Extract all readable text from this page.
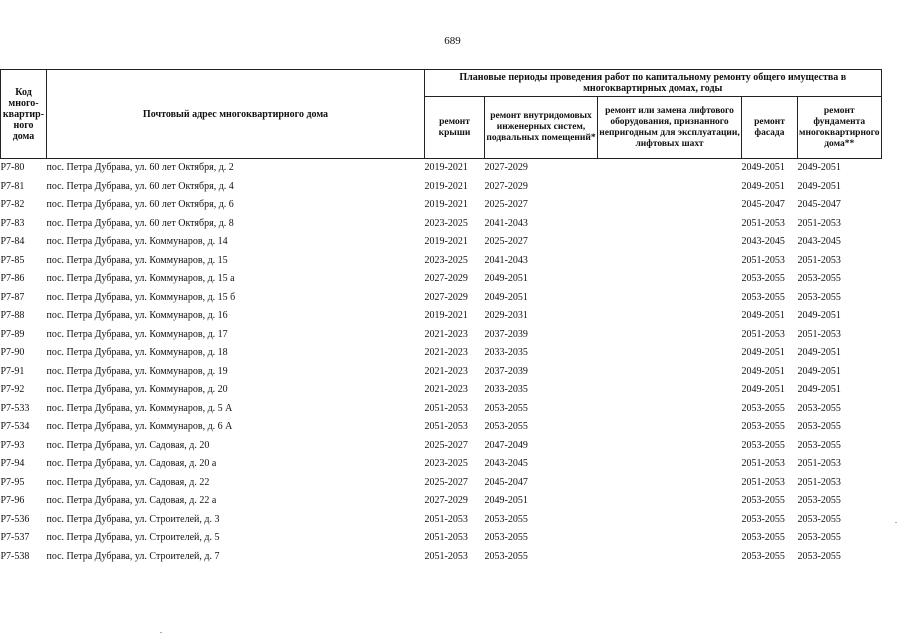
689
Код много-квартир-ного дома	Почтовый адрес многоквартирного дома	Плановые периоды проведения работ по капитальному ремонту общего имущества в многоквартирных домах, годы				
		ремонт крыши	ремонт внутридомовых инженерных систем, подвальных помещений*	ремонт или замена лифтового оборудования, признанного непригодным для эксплуатации, лифтовых шахт	ремонт фасада	ремонт фундамента многоквартирного дома**
Р7-80	пос. Петра Дубрава, ул. 60 лет Октября, д. 2	2019-2021	2027-2029		2049-2051	2049-2051
Р7-81	пос. Петра Дубрава, ул. 60 лет Октября, д. 4	2019-2021	2027-2029		2049-2051	2049-2051
Р7-82	пос. Петра Дубрава, ул. 60 лет Октября, д. 6	2019-2021	2025-2027		2045-2047	2045-2047
Р7-83	пос. Петра Дубрава, ул. 60 лет Октября, д. 8	2023-2025	2041-2043		2051-2053	2051-2053
Р7-84	пос. Петра Дубрава, ул. Коммунаров, д. 14	2019-2021	2025-2027		2043-2045	2043-2045
Р7-85	пос. Петра Дубрава, ул. Коммунаров, д. 15	2023-2025	2041-2043		2051-2053	2051-2053
Р7-86	пос. Петра Дубрава, ул. Коммунаров, д. 15 а	2027-2029	2049-2051		2053-2055	2053-2055
Р7-87	пос. Петра Дубрава, ул. Коммунаров, д. 15 б	2027-2029	2049-2051		2053-2055	2053-2055
Р7-88	пос. Петра Дубрава, ул. Коммунаров, д. 16	2019-2021	2029-2031		2049-2051	2049-2051
Р7-89	пос. Петра Дубрава, ул. Коммунаров, д. 17	2021-2023	2037-2039		2051-2053	2051-2053
Р7-90	пос. Петра Дубрава, ул. Коммунаров, д. 18	2021-2023	2033-2035		2049-2051	2049-2051
Р7-91	пос. Петра Дубрава, ул. Коммунаров, д. 19	2021-2023	2037-2039		2049-2051	2049-2051
Р7-92	пос. Петра Дубрава, ул. Коммунаров, д. 20	2021-2023	2033-2035		2049-2051	2049-2051
Р7-533	пос. Петра Дубрава, ул. Коммунаров, д. 5 А	2051-2053	2053-2055		2053-2055	2053-2055
Р7-534	пос. Петра Дубрава, ул. Коммунаров, д. 6 А	2051-2053	2053-2055		2053-2055	2053-2055
Р7-93	пос. Петра Дубрава, ул. Садовая, д. 20	2025-2027	2047-2049		2053-2055	2053-2055
Р7-94	пос. Петра Дубрава, ул. Садовая, д. 20 а	2023-2025	2043-2045		2051-2053	2051-2053
Р7-95	пос. Петра Дубрава, ул. Садовая, д. 22	2025-2027	2045-2047		2051-2053	2051-2053
Р7-96	пос. Петра Дубрава, ул. Садовая, д. 22 а	2027-2029	2049-2051		2053-2055	2053-2055
Р7-536	пос. Петра Дубрава, ул. Строителей, д. 3	2051-2053	2053-2055		2053-2055	2053-2055
Р7-537	пос. Петра Дубрава, ул. Строителей, д. 5	2051-2053	2053-2055		2053-2055	2053-2055
Р7-538	пос. Петра Дубрава, ул. Строителей, д. 7	2051-2053	2053-2055		2053-2055	2053-2055
